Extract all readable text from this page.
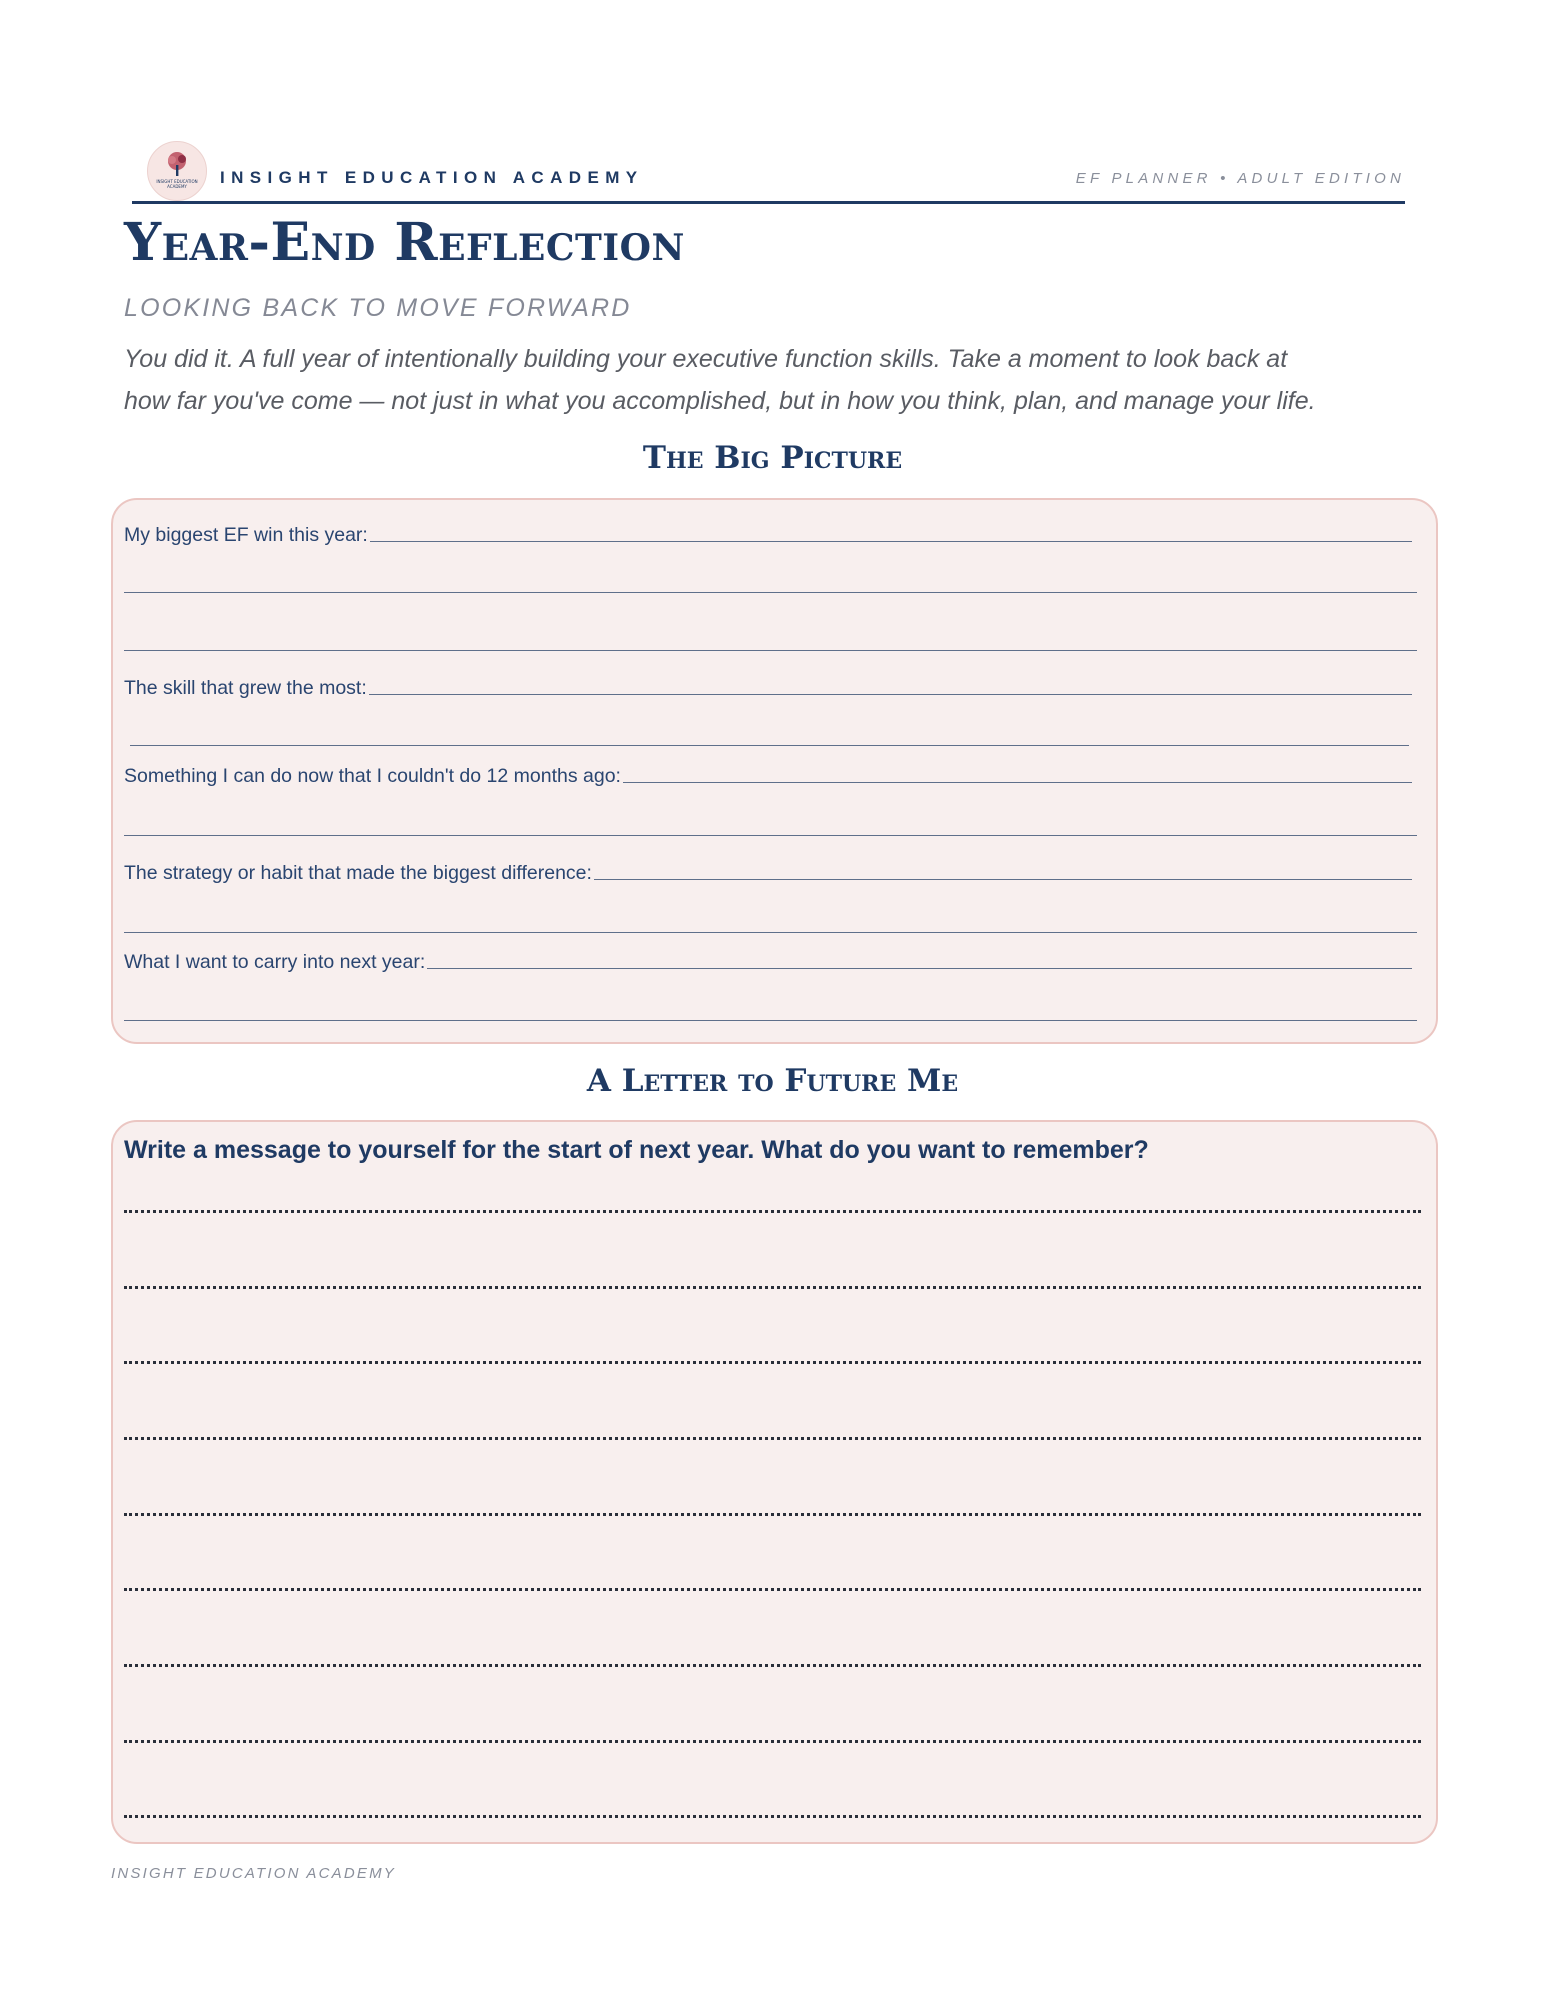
INSIGHT EDUCATION ACADEMY	INSIGHT EDUCATION ACADEMY	EF PLANNER • ADULT EDITION
Year-End Reflection
LOOKING BACK TO MOVE FORWARD

You did it. A full year of intentionally building your executive function skills. Take a moment to look back at

how far you've come — not just in what you accomplished, but in how you think, plan, and manage your life.

The Big Picture
My biggest EF win this year:
The skill that grew the most:
Something I can do now that I couldn't do 12 months ago:
The strategy or habit that made the biggest difference:
What I want to carry into next year:
A Letter to Future Me
Write a message to yourself for the start of next year. What do you want to remember?
INSIGHT EDUCATION ACADEMY
